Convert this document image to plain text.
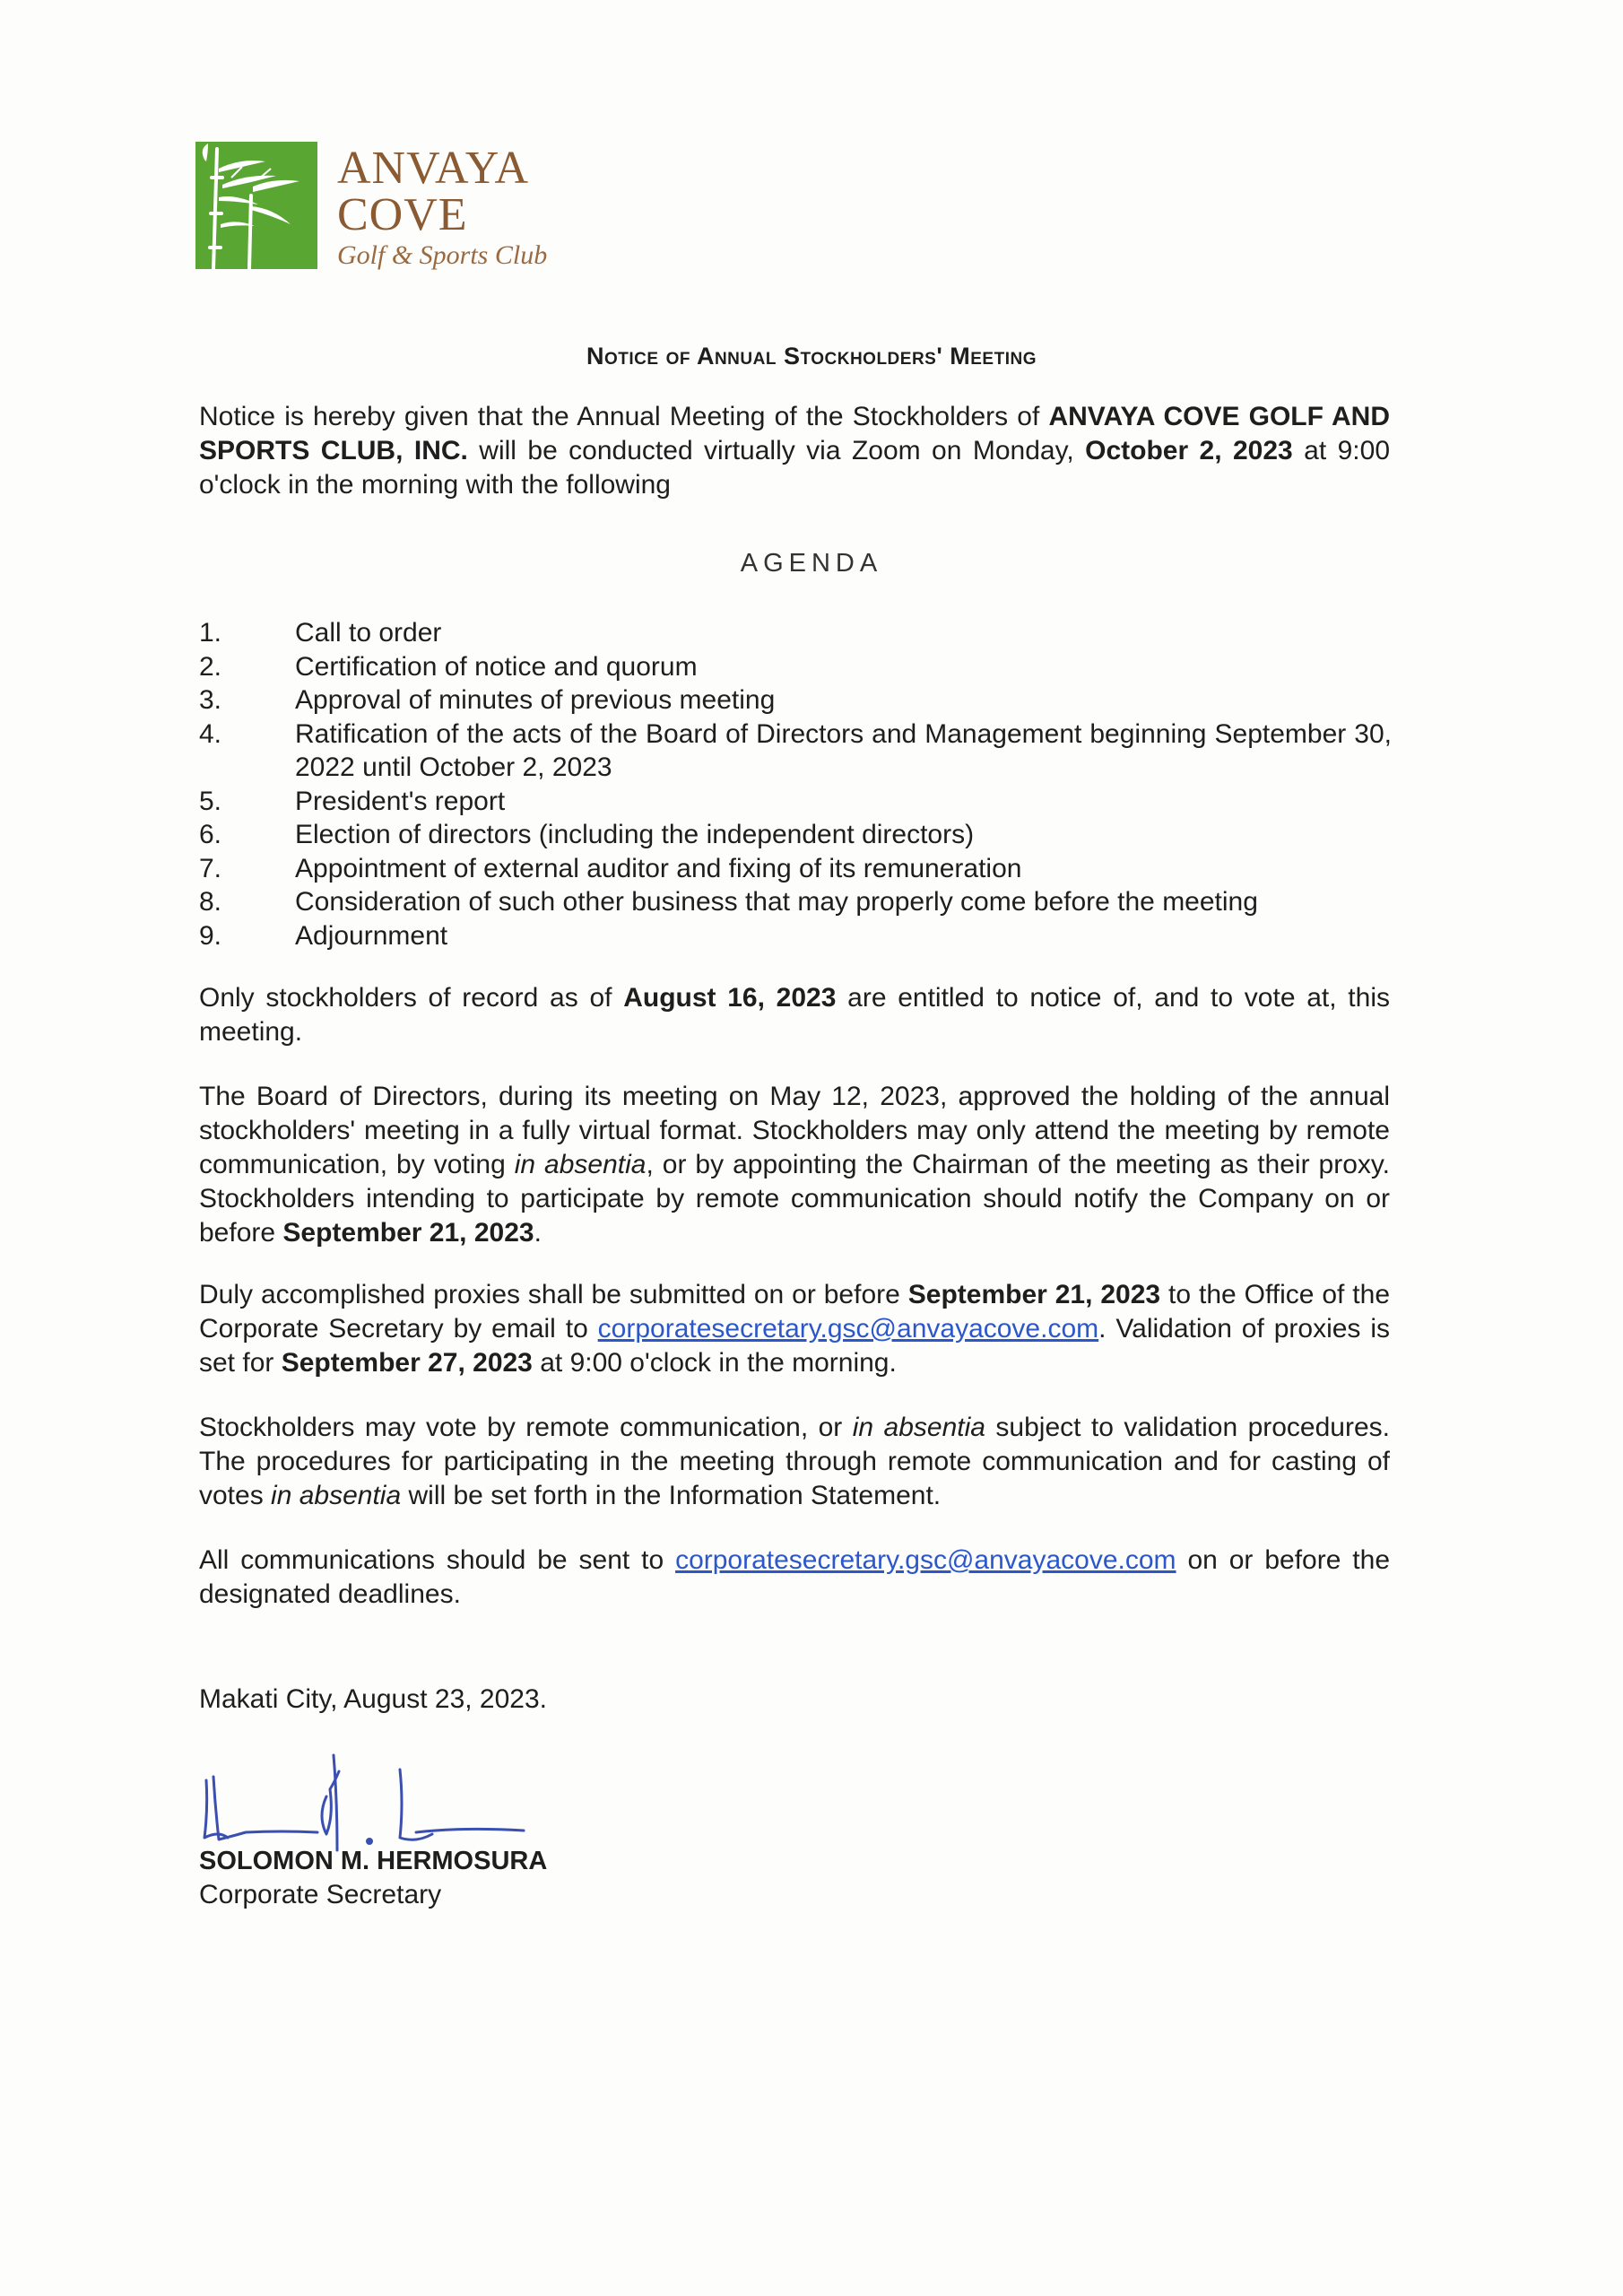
ANVAYA
COVE
Golf & Sports Club
Notice of Annual Stockholders' Meeting

Notice is hereby given that the Annual Meeting of the Stockholders of ANVAYA COVE GOLF AND SPORTS CLUB, INC. will be conducted virtually via Zoom on Monday, October 2, 2023 at 9:00 o'clock in the morning with the following

AGENDA
1.	Call to order
2.	Certification of notice and quorum
3.	Approval of minutes of previous meeting
4.	Ratification of the acts of the Board of Directors and Management beginning September 30, 2022 until October 2, 2023
5.	President's report
6.	Election of directors (including the independent directors)
7.	Appointment of external auditor and fixing of its remuneration
8.	Consideration of such other business that may properly come before the meeting
9.	Adjournment

Only stockholders of record as of August 16, 2023 are entitled to notice of, and to vote at, this meeting.

The Board of Directors, during its meeting on May 12, 2023, approved the holding of the annual stockholders' meeting in a fully virtual format. Stockholders may only attend the meeting by remote communication, by voting in absentia, or by appointing the Chairman of the meeting as their proxy. Stockholders intending to participate by remote communication should notify the Company on or before September 21, 2023.

Duly accomplished proxies shall be submitted on or before September 21, 2023 to the Office of the Corporate Secretary by email to corporatesecretary.gsc@anvayacove.com. Validation of proxies is set for September 27, 2023 at 9:00 o'clock in the morning.

Stockholders may vote by remote communication, or in absentia subject to validation procedures. The procedures for participating in the meeting through remote communication and for casting of votes in absentia will be set forth in the Information Statement.

All communications should be sent to corporatesecretary.gsc@anvayacove.com on or before the designated deadlines.

Makati City, August 23, 2023.
SOLOMON M. HERMOSURA
Corporate Secretary
